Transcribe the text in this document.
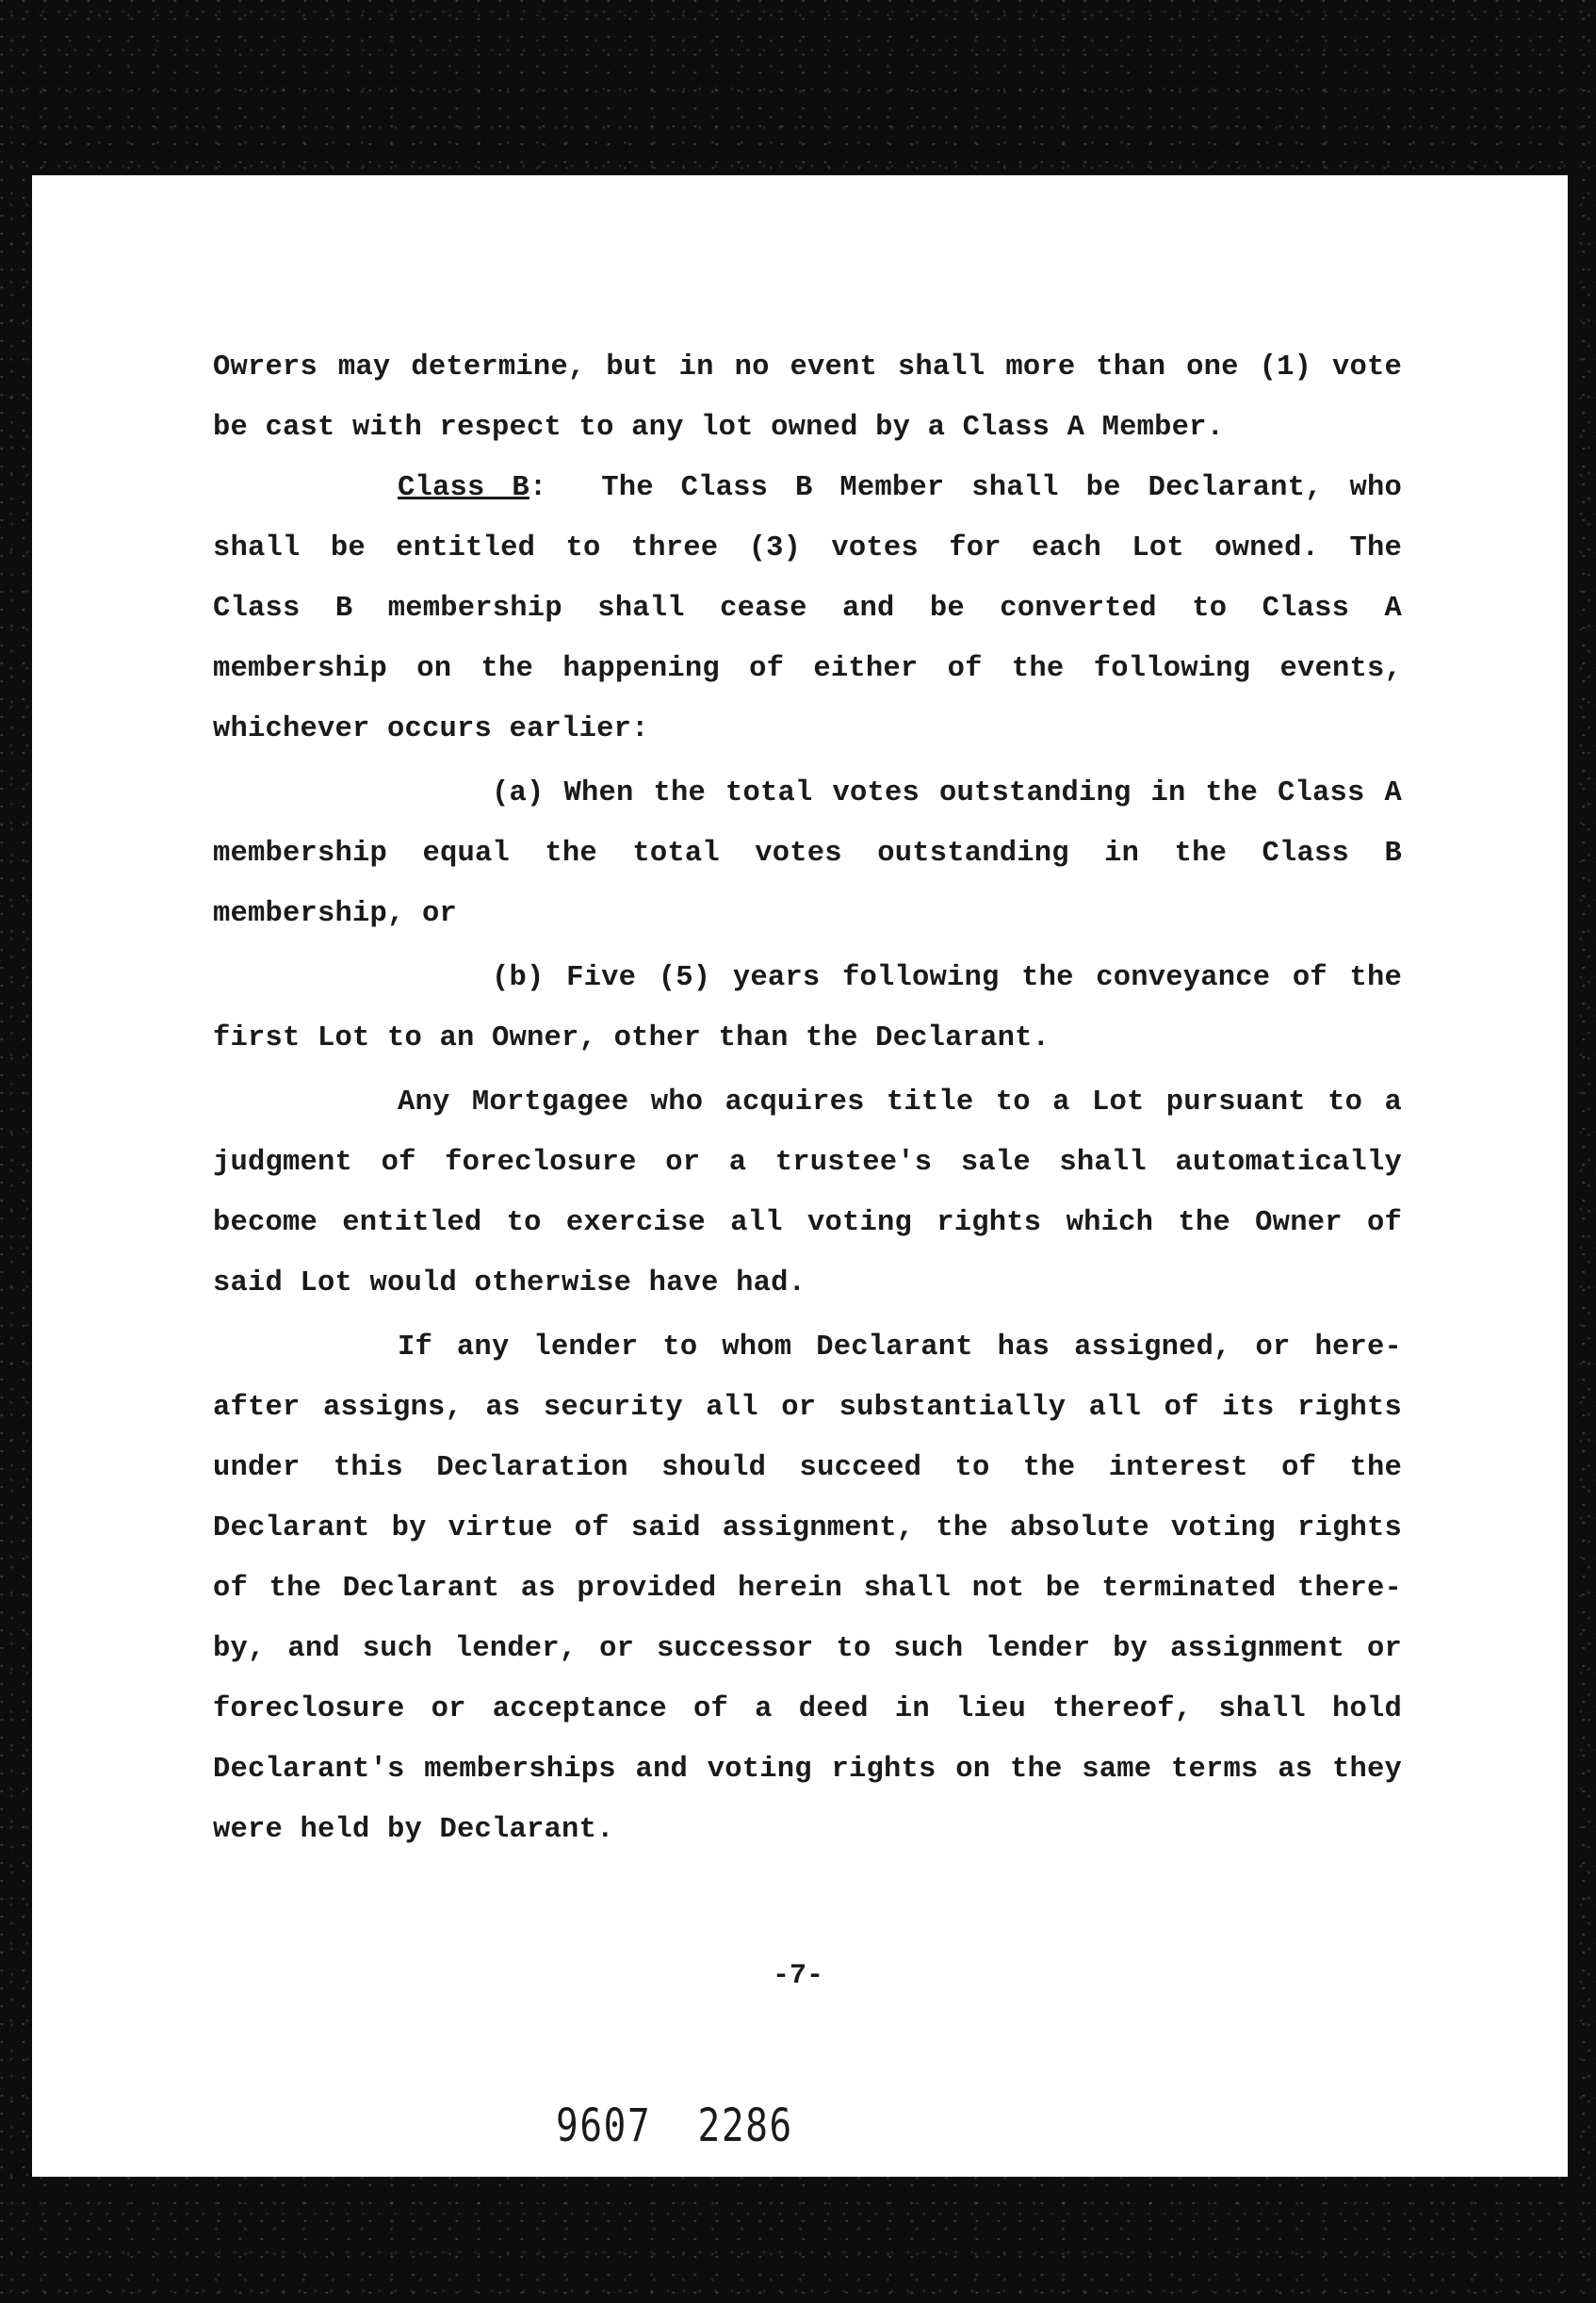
Owrers may determine, but in no event shall more than one (1) vote
be cast with respect to any lot owned by a Class A Member.
Class B: The Class B Member shall be Declarant, who
shall be entitled to three (3) votes for each Lot owned. The
Class B membership shall cease and be converted to Class A
membership on the happening of either of the following events,
whichever occurs earlier:
(a) When the total votes outstanding in the Class A
membership equal the total votes outstanding in the Class B
membership, or
(b) Five (5) years following the conveyance of the
first Lot to an Owner, other than the Declarant.
Any Mortgagee who acquires title to a Lot pursuant to a
judgment of foreclosure or a trustee's sale shall automatically
become entitled to exercise all voting rights which the Owner of
said Lot would otherwise have had.
If any lender to whom Declarant has assigned, or here-
after assigns, as security all or substantially all of its rights
under this Declaration should succeed to the interest of the
Declarant by virtue of said assignment, the absolute voting rights
of the Declarant as provided herein shall not be terminated there-
by, and such lender, or successor to such lender by assignment or
foreclosure or acceptance of a deed in lieu thereof, shall hold
Declarant's memberships and voting rights on the same terms as they
were held by Declarant.
-7-
9607 2286
